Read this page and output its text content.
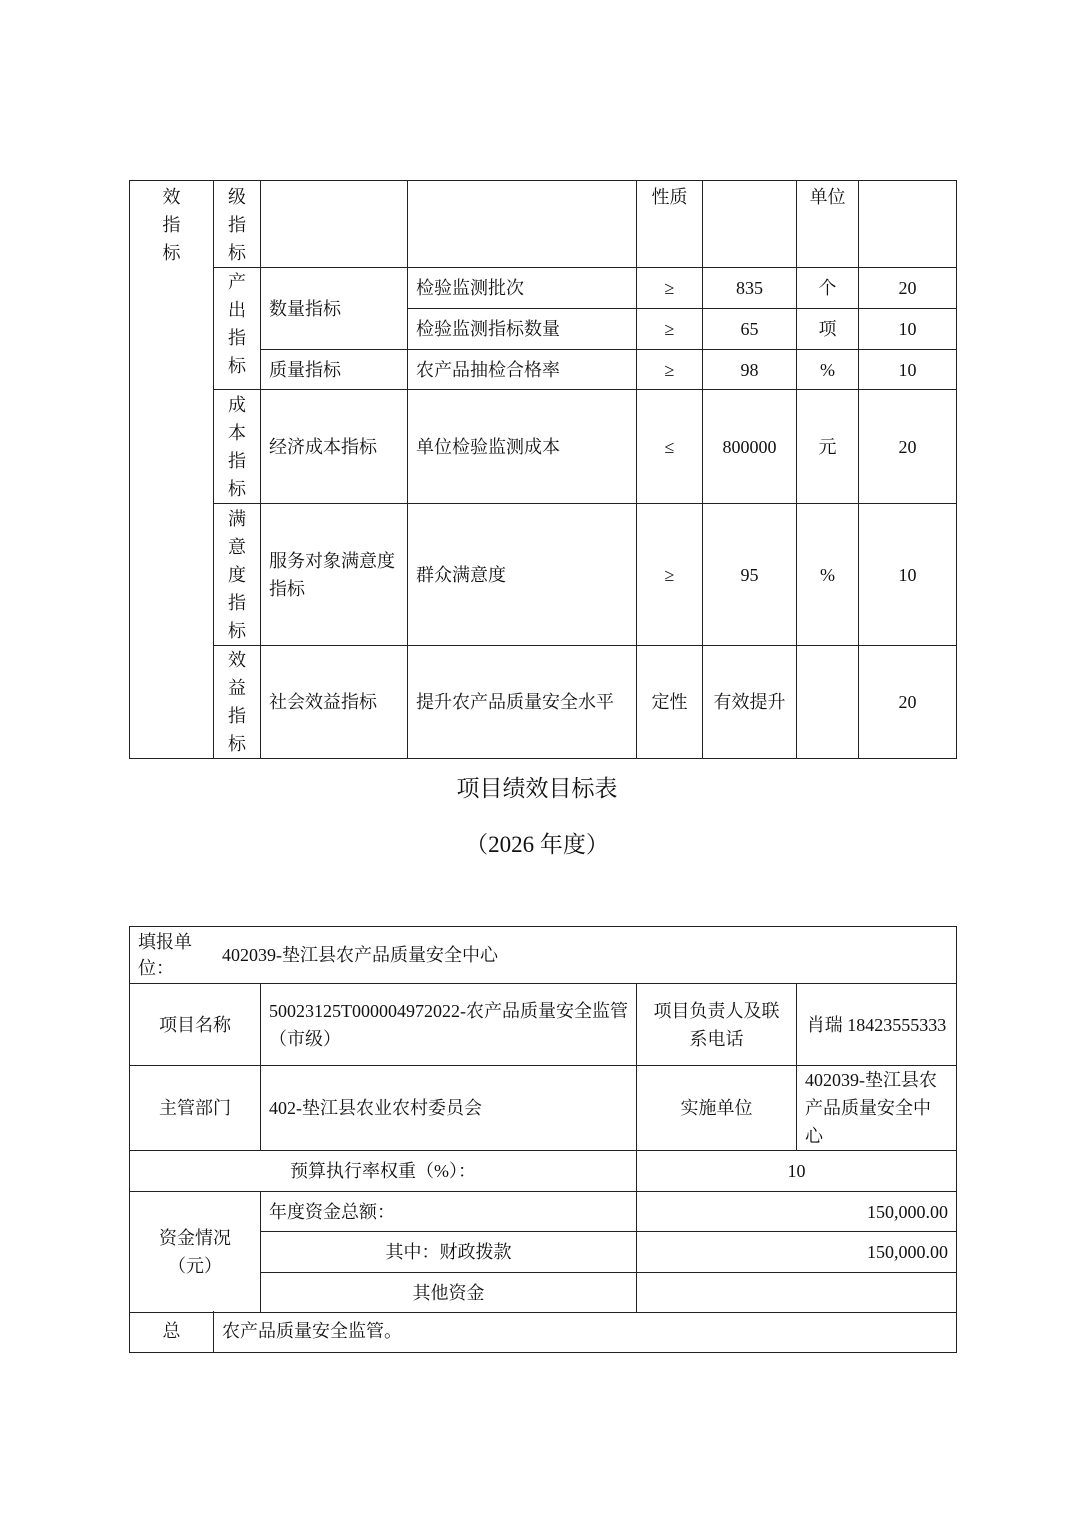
效指标	级指标			性质		单位	

	产出指标	数量指标	检验监测批次	≥	835	个	20
			检验监测指标数量	≥	65	项	10
		质量指标	农产品抽检合格率	≥	98	%	10

	成本指标	经济成本指标	单位检验监测成本	≤	800000	元	20

	满意度指标	服务对象满意度指标	群众满意度	≥	95	%	10

	效益指标	社会效益指标	提升农产品质量安全水平	定性	有效提升		20
项目绩效目标表
（2026 年度）
填报单位：
402039-垫江县农产品质量安全中心			

项目名称	50023125T000004972022-农产品质量安全监管（市级）	项目负责人及联系电话	肖瑞 18423555333
主管部门	402-垫江县农业农村委员会	实施单位	402039-垫江县农产品质量安全中心
预算执行率权重（%）：		10	
资金情况（元）	年度资金总额：	150,000.00	
	其中：财政拨款	150,000.00	
	其他资金		
总	农产品质量安全监管。
